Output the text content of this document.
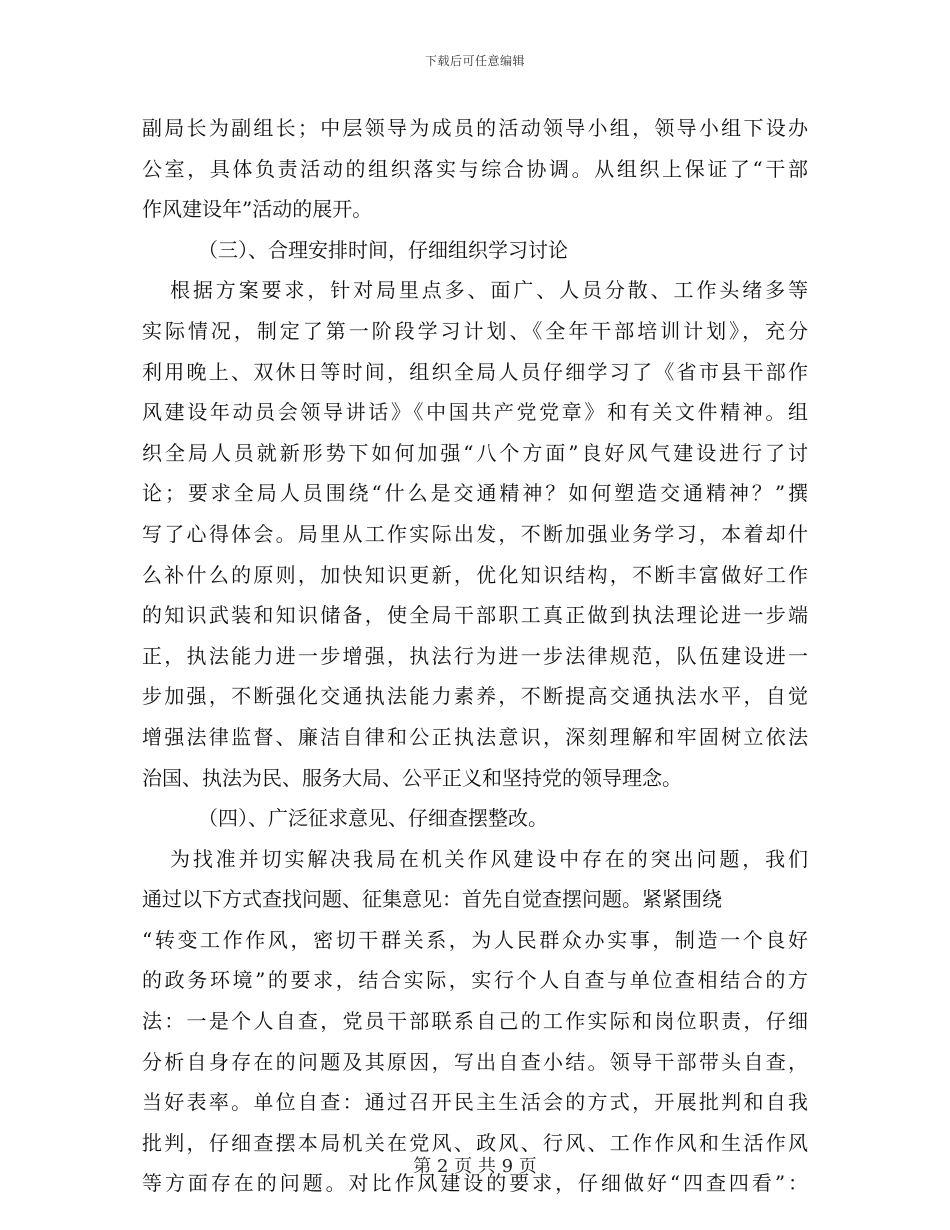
下载后可任意编辑
副局长为副组长；中层领导为成员的活动领导小组，领导小组下设办
公室，具体负责活动的组织落实与综合协调。从组织上保证了“干部
作风建设年”活动的展开。
（三）、合理安排时间，仔细组织学习讨论
根据方案要求，针对局里点多、面广、人员分散、工作头绪多等
实际情况，制定了第一阶段学习计划、《全年干部培训计划》，充分
利用晚上、双休日等时间，组织全局人员仔细学习了《省市县干部作
风建设年动员会领导讲话》《中国共产党党章》和有关文件精神。组
织全局人员就新形势下如何加强“八个方面”良好风气建设进行了讨
论；要求全局人员围绕“什么是交通精神？如何塑造交通精神？”撰
写了心得体会。局里从工作实际出发，不断加强业务学习，本着却什
么补什么的原则，加快知识更新，优化知识结构，不断丰富做好工作
的知识武装和知识储备，使全局干部职工真正做到执法理论进一步端
正，执法能力进一步增强，执法行为进一步法律规范，队伍建设进一
步加强，不断强化交通执法能力素养，不断提高交通执法水平，自觉
增强法律监督、廉洁自律和公正执法意识，深刻理解和牢固树立依法
治国、执法为民、服务大局、公平正义和坚持党的领导理念。
（四）、广泛征求意见、仔细查摆整改。
为找准并切实解决我局在机关作风建设中存在的突出问题，我们
通过以下方式查找问题、征集意见：首先自觉查摆问题。紧紧围绕
“转变工作作风，密切干群关系，为人民群众办实事，制造一个良好
的政务环境”的要求，结合实际，实行个人自查与单位查相结合的方
法：一是个人自查，党员干部联系自己的工作实际和岗位职责，仔细
分析自身存在的问题及其原因，写出自查小结。领导干部带头自查，
当好表率。单位自查：通过召开民主生活会的方式，开展批判和自我
批判，仔细查摆本局机关在党风、政风、行风、工作作风和生活作风
等方面存在的问题。对比作风建设的要求，仔细做好“四查四看”：
第 2 页 共 9 页
